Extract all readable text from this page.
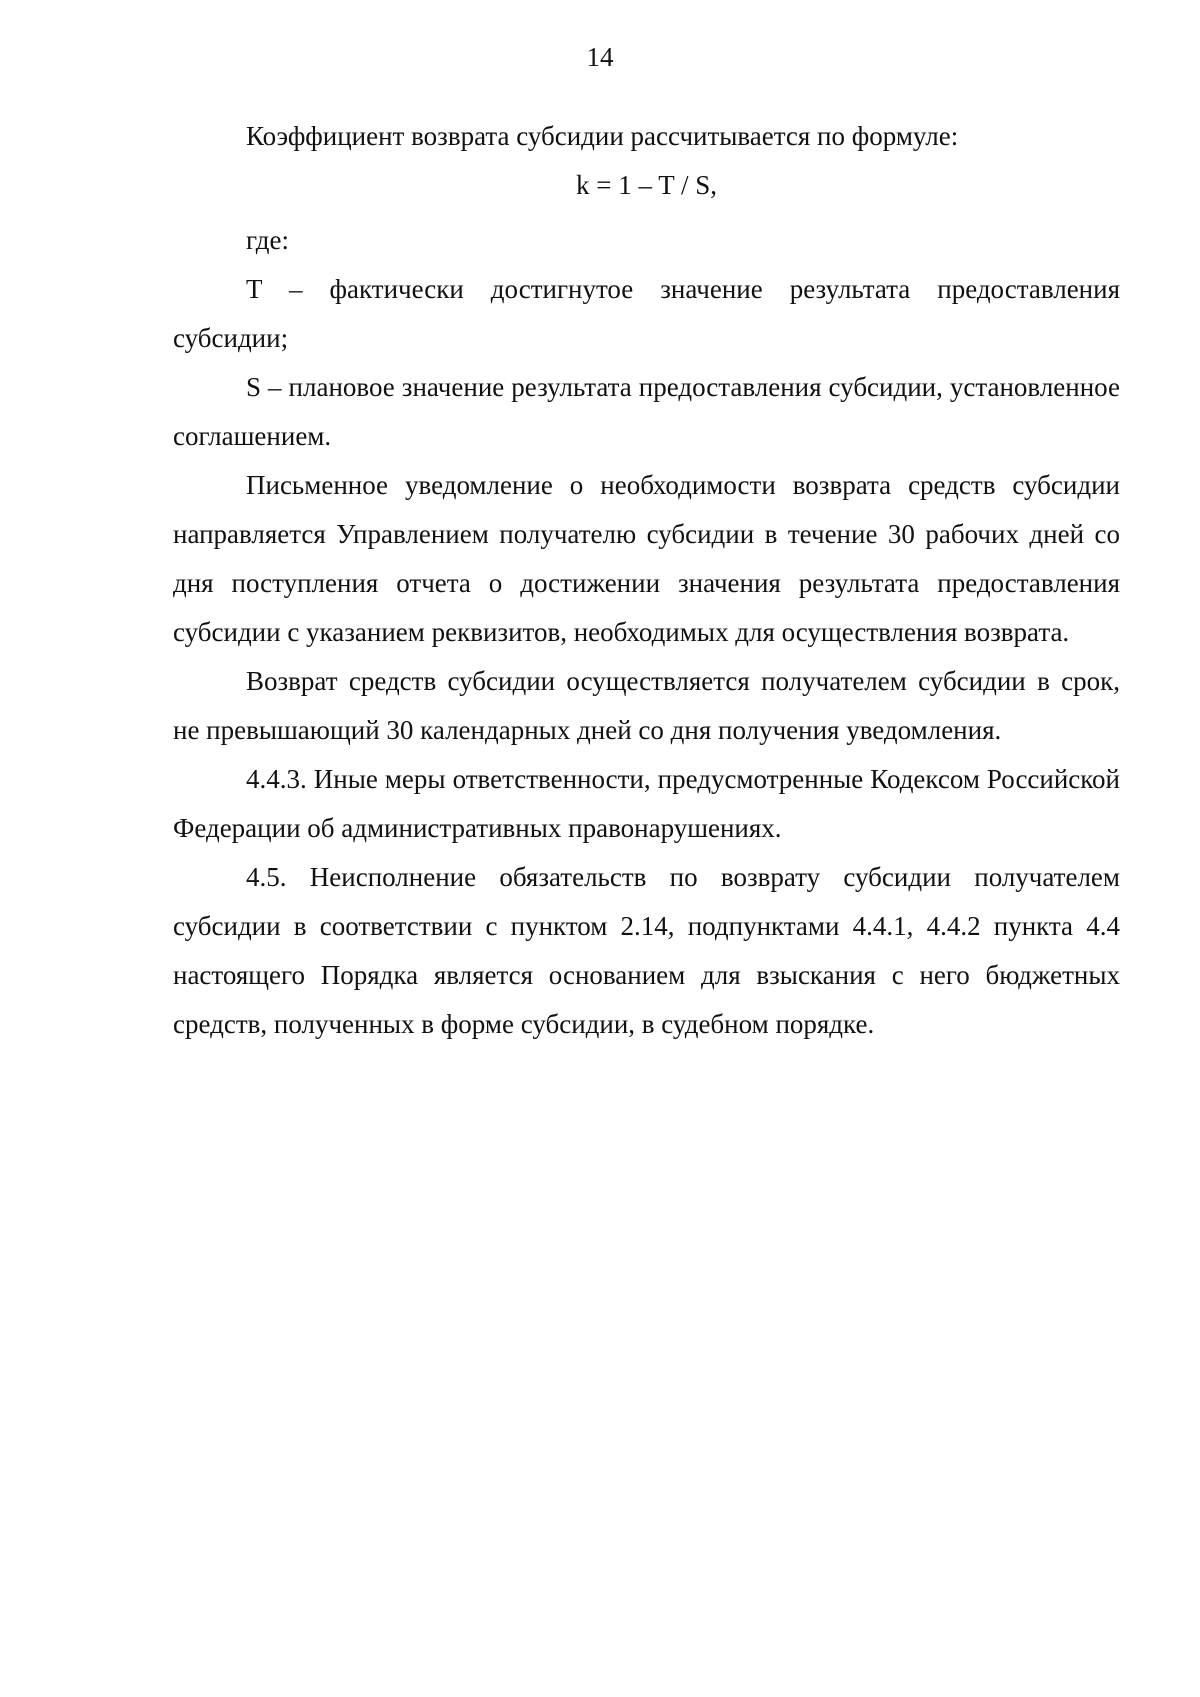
14

Коэффициент возврата субсидии рассчитывается по формуле:

k = 1 – T / S,

где:

T – фактически достигнутое значение результата предоставления субсидии;

S – плановое значение результата предоставления субсидии, установленное соглашением.

Письменное уведомление о необходимости возврата средств субсидии направляется Управлением получателю субсидии в течение 30 рабочих дней со дня поступления отчета о достижении значения результата предоставления субсидии с указанием реквизитов, необходимых для осуществления возврата.

Возврат средств субсидии осуществляется получателем субсидии в срок, не превышающий 30 календарных дней со дня получения уведомления.

4.4.3. Иные меры ответственности, предусмотренные Кодексом Российской Федерации об административных правонарушениях.

4.5. Неисполнение обязательств по возврату субсидии получателем субсидии в соответствии с пунктом 2.14, подпунктами 4.4.1, 4.4.2 пункта 4.4 настоящего Порядка является основанием для взыскания с него бюджетных средств, полученных в форме субсидии, в судебном порядке.
